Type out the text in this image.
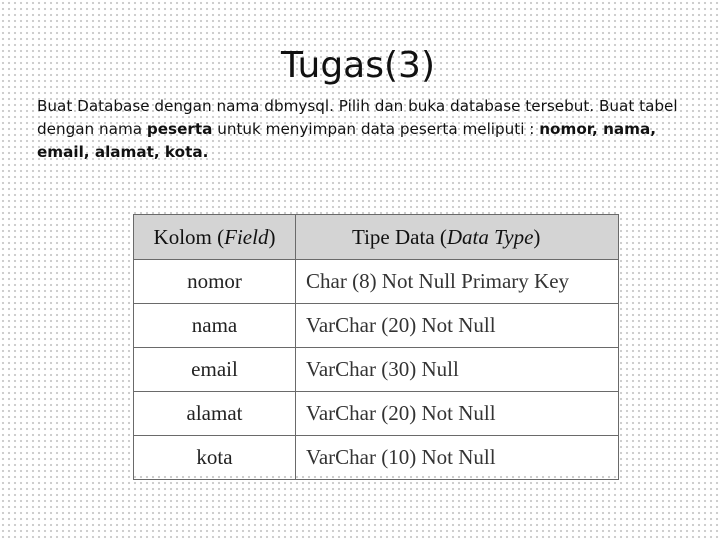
Tugas(3)

Buat Database dengan nama dbmysql. Pilih dan buka database tersebut. Buat tabel dengan nama peserta untuk menyimpan data peserta meliputi : nomor, nama, email, alamat, kota.

Kolom (Field)	Tipe Data (Data Type)
nomor	Char (8) Not Null Primary Key
nama	VarChar (20) Not Null
email	VarChar (30) Null
alamat	VarChar (20) Not Null
kota	VarChar (10) Not Null
